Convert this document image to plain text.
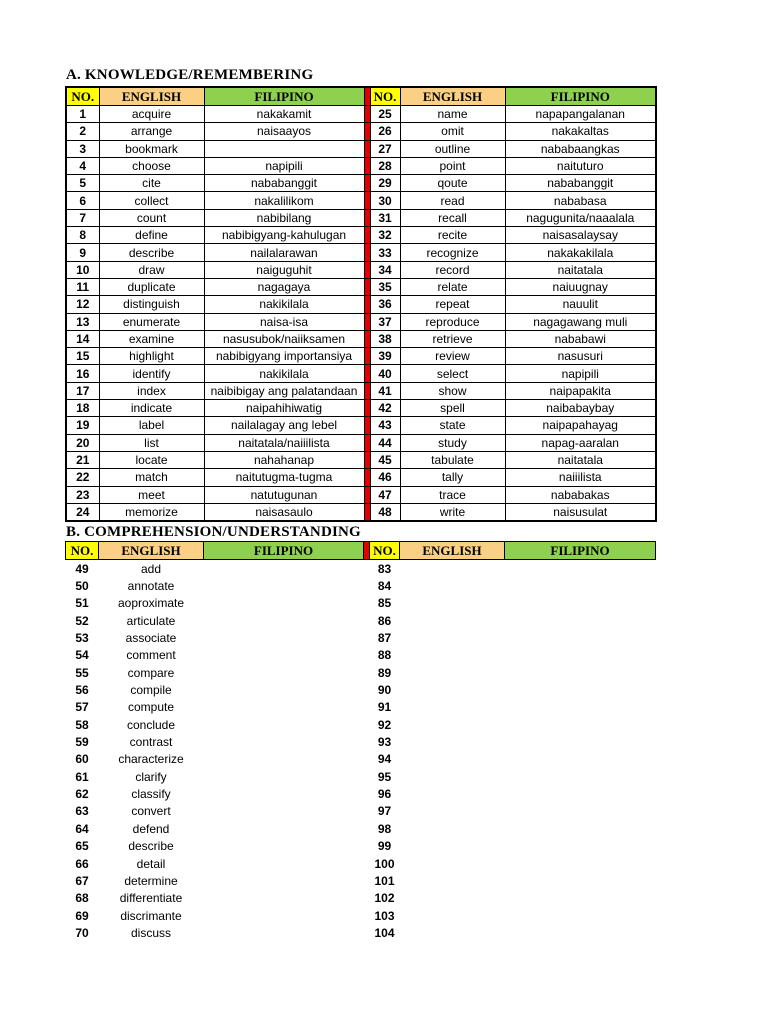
A. KNOWLEDGE/REMEMBERING
NO.	ENGLISH	FILIPINO		NO.	ENGLISH	FILIPINO
1	acquire	nakakamit		25	name	napapangalanan
2	arrange	naisaayos		26	omit	nakakaltas
3	bookmark			27	outline	nababaangkas
4	choose	napipili		28	point	naituturo
5	cite	nababanggit		29	qoute	nababanggit
6	collect	nakalilikom		30	read	nababasa
7	count	nabibilang		31	recall	nagugunita/naaalala
8	define	nabibigyang-kahulugan		32	recite	naisasalaysay
9	describe	nailalarawan		33	recognize	nakakakilala
10	draw	naiguguhit		34	record	naitatala
11	duplicate	nagagaya		35	relate	naiuugnay
12	distinguish	nakikilala		36	repeat	nauulit
13	enumerate	naisa-isa		37	reproduce	nagagawang muli
14	examine	nasusubok/naiiksamen		38	retrieve	nababawi
15	highlight	nabibigyang importansiya		39	review	nasusuri
16	identify	nakikilala		40	select	napipili
17	index	naibibigay ang palatandaan		41	show	naipapakita
18	indicate	naipahihiwatig		42	spell	naibabaybay
19	label	nailalagay ang lebel		43	state	naipapahayag
20	list	naitatala/naiiilista		44	study	napag-aaralan
21	locate	nahahanap		45	tabulate	naitatala
22	match	naitutugma-tugma		46	tally	naiiilista
23	meet	natutugunan		47	trace	nababakas
24	memorize	naisasaulo		48	write	naisusulat
B. COMPREHENSION/UNDERSTANDING
NO.	ENGLISH	FILIPINO		NO.	ENGLISH	FILIPINO
49	add			83		
50	annotate			84		
51	aoproximate			85		
52	articulate			86		
53	associate			87		
54	comment			88		
55	compare			89		
56	compile			90		
57	compute			91		
58	conclude			92		
59	contrast			93		
60	characterize			94		
61	clarify			95		
62	classify			96		
63	convert			97		
64	defend			98		
65	describe			99		
66	detail			100		
67	determine			101		
68	differentiate			102		
69	discrimante			103		
70	discuss			104		
